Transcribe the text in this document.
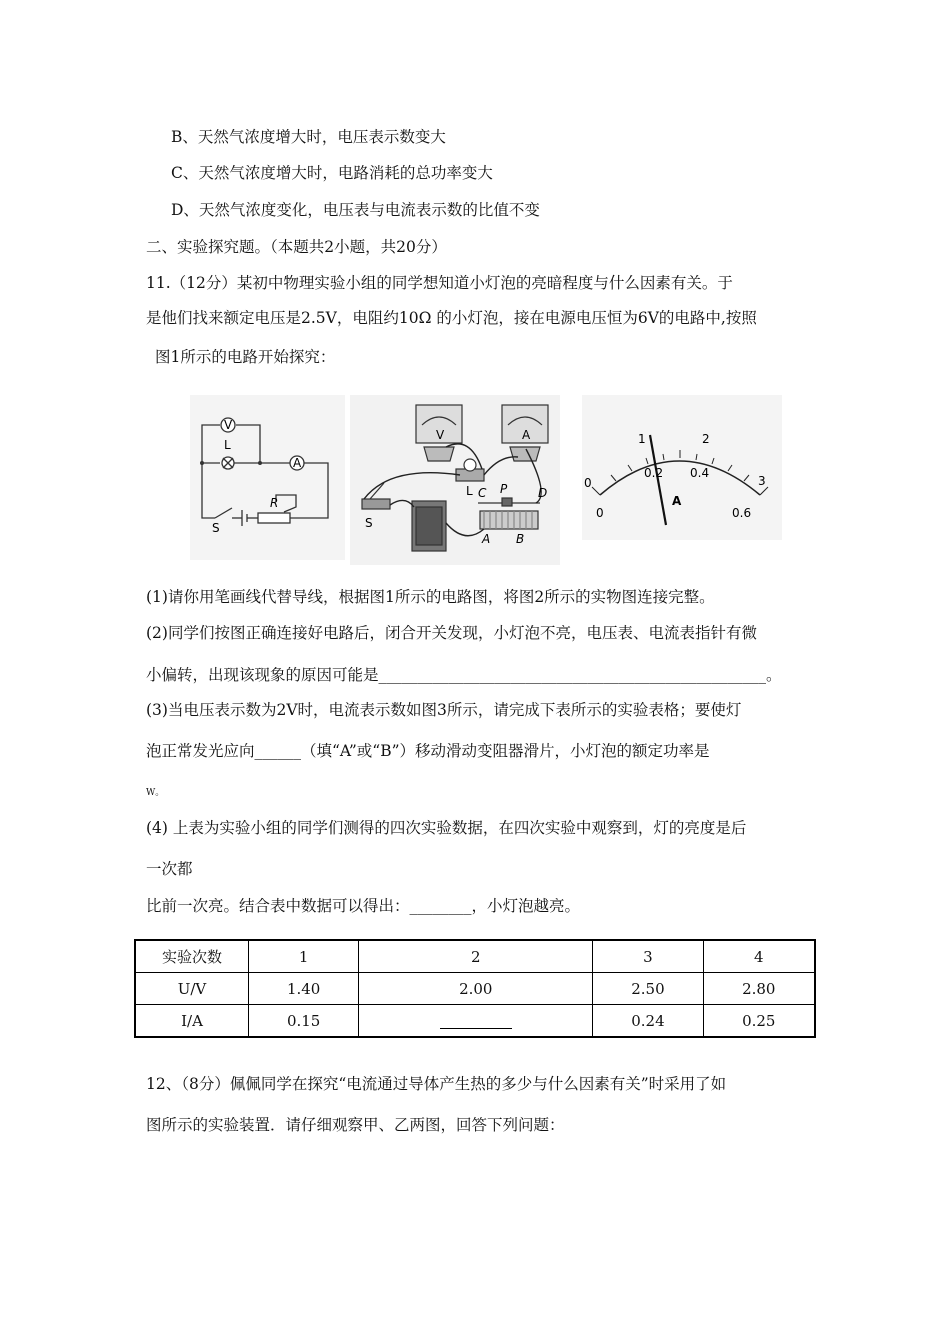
B、天然气浓度增大时，电压表示数变大
C、天然气浓度增大时，电路消耗的总功率变大
D、天然气浓度变化，电压表与电流表示数的比值不变
二、实验探究题。（本题共2小题，共20分）
11.（12分）某初中物理实验小组的同学想知道小灯泡的亮暗程度与什么因素有关。于
是他们找来额定电压是2.5V，电阻约10Ω 的小灯泡，接在电源电压恒为6V的电路中,按照
图1所示的电路开始探究：
V
L
A
R
S
V	A
S
L C P	D
A B
0
0.2 0.4
0.6
0
1	2
3
A
(1)请你用笔画线代替导线，根据图1所示的电路图，将图2所示的实物图连接完整。
(2)同学们按图正确连接好电路后，闭合开关发现，小灯泡不亮，电压表、电流表指针有微
小偏转，出现该现象的原因可能是__________________________________________________。
(3)当电压表示数为2V时，电流表示数如图3所示，请完成下表所示的实验表格；要使灯
泡正常发光应向______（填“A”或“B”）移动滑动变阻器滑片，小灯泡的额定功率是
W。
(4) 上表为实验小组的同学们测得的四次实验数据，在四次实验中观察到，灯的亮度是后
一次都
比前一次亮。结合表中数据可以得出：________，小灯泡越亮。
实验次数	1	2	3	4
U/V	1.40	2.00	2.50	2.80
I/A	0.15		0.24	0.25
12、（8分）佩佩同学在探究“电流通过导体产生热的多少与什么因素有关”时采用了如
图所示的实验装置．请仔细观察甲、乙两图，回答下列问题：
